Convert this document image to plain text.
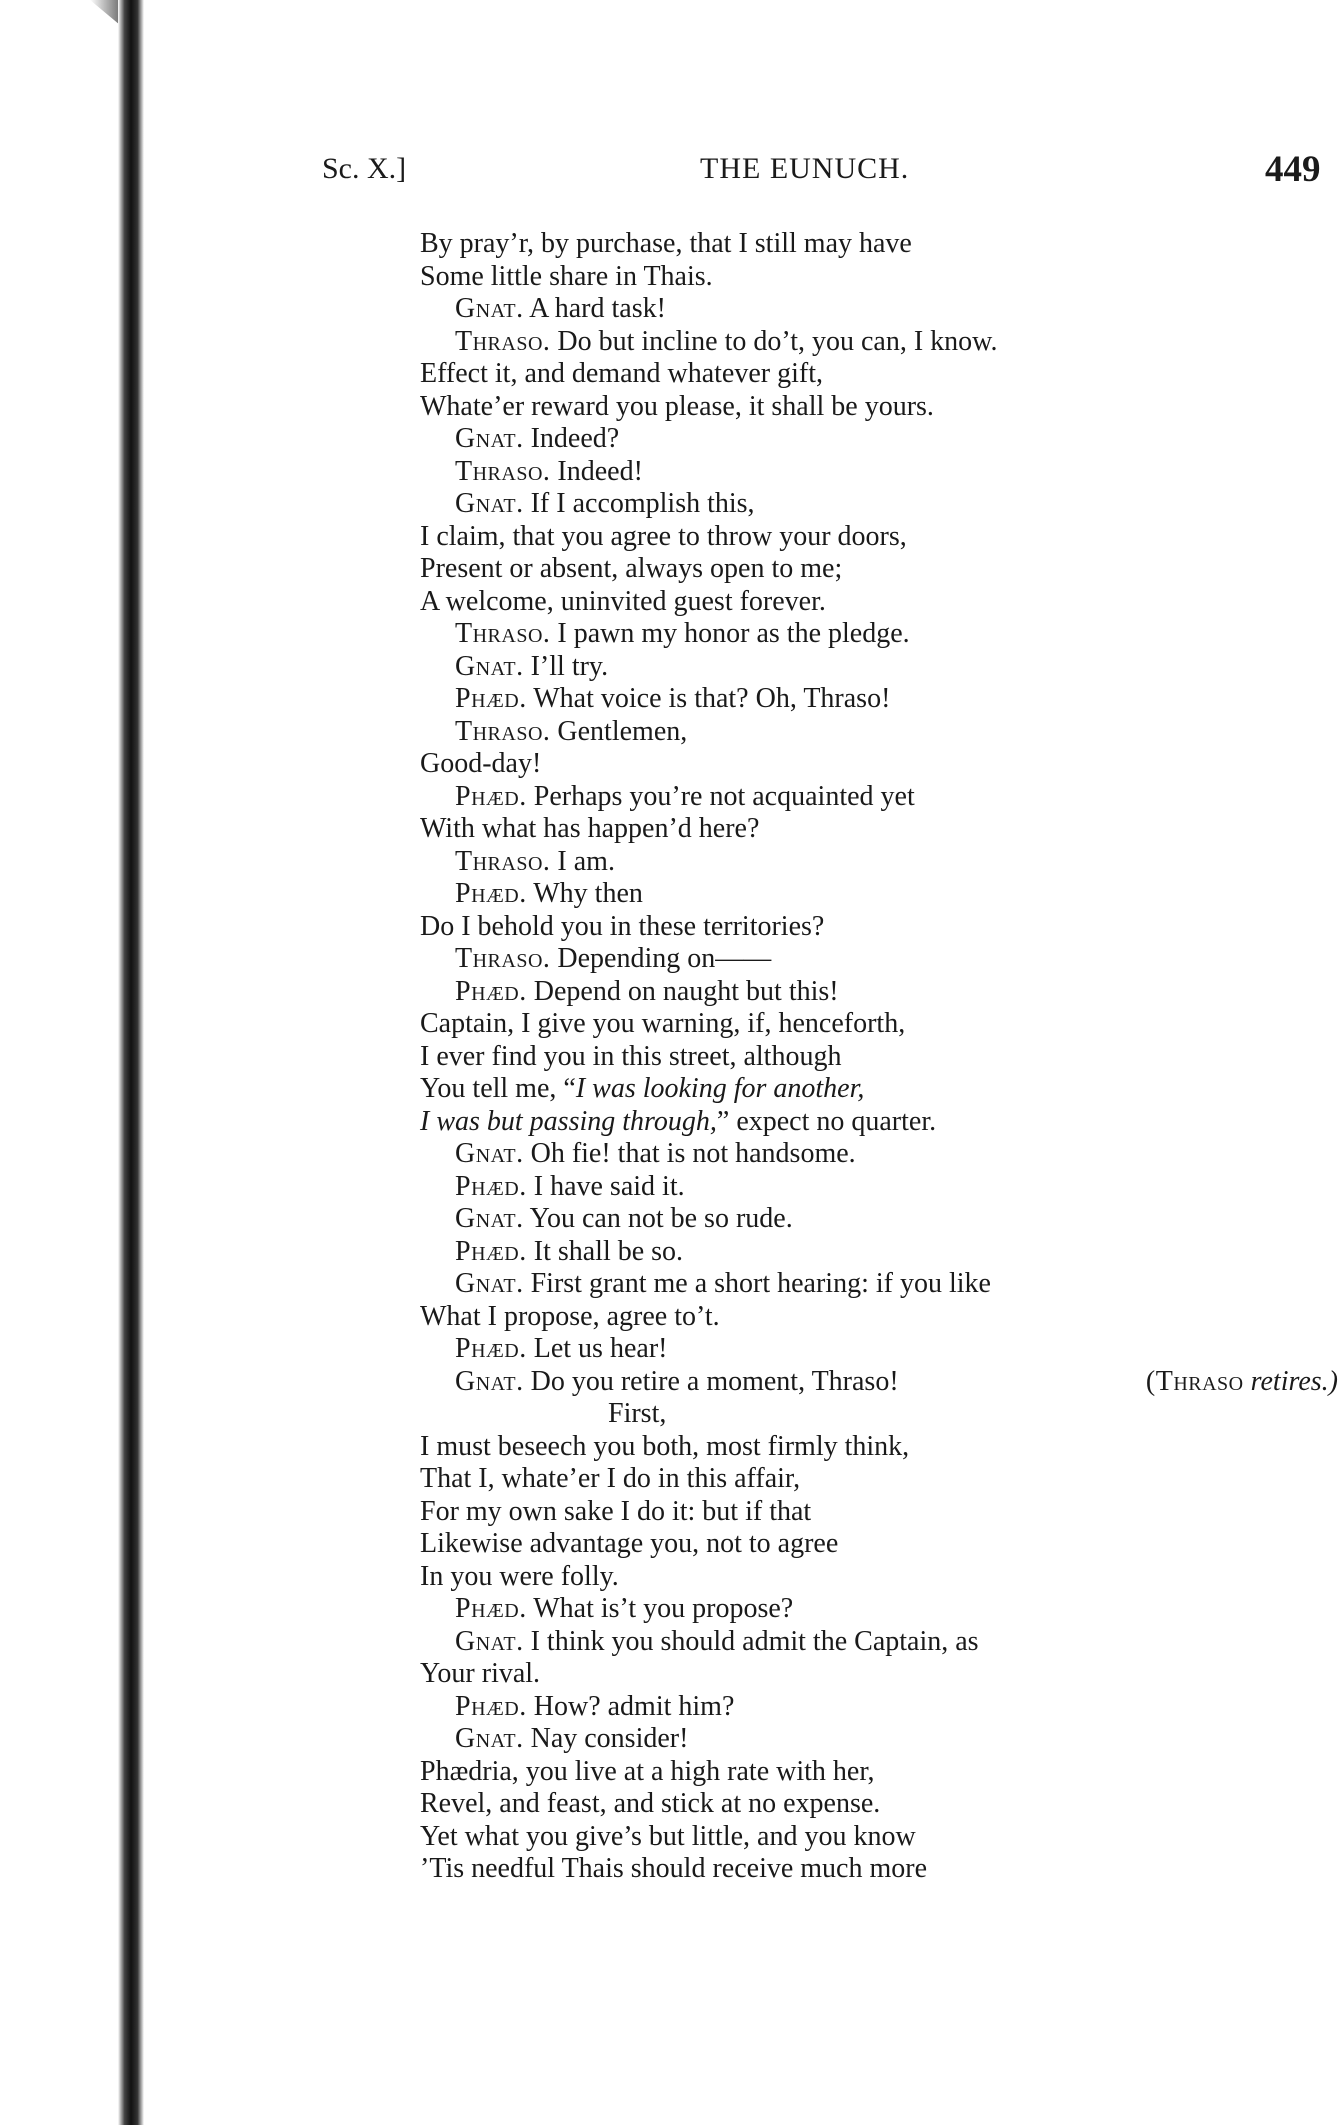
Sc. X.]	THE EUNUCH.	449
By pray’r, by purchase, that I still may have
Some little share in Thais.
Gnat. A hard task!
Thraso. Do but incline to do’t, you can, I know.
Effect it, and demand whatever gift,
Whate’er reward you please, it shall be yours.
Gnat. Indeed?
Thraso. Indeed!
Gnat. If I accomplish this,
I claim, that you agree to throw your doors,
Present or absent, always open to me;
A welcome, uninvited guest forever.
Thraso. I pawn my honor as the pledge.
Gnat. I’ll try.
Phæd. What voice is that? Oh, Thraso!
Thraso. Gentlemen,
Good-day!
Phæd. Perhaps you’re not acquainted yet
With what has happen’d here?
Thraso. I am.
Phæd. Why then
Do I behold you in these territories?
Thraso. Depending on——
Phæd. Depend on naught but this!
Captain, I give you warning, if, henceforth,
I ever find you in this street, although
You tell me, “I was looking for another,
I was but passing through,” expect no quarter.
Gnat. Oh fie! that is not handsome.
Phæd. I have said it.
Gnat. You can not be so rude.
Phæd. It shall be so.
Gnat. First grant me a short hearing: if you like
What I propose, agree to’t.
Phæd. Let us hear!
Gnat. Do you retire a moment, Thraso!	(Thraso retires.)
First,
I must beseech you both, most firmly think,
That I, whate’er I do in this affair,
For my own sake I do it: but if that
Likewise advantage you, not to agree
In you were folly.
Phæd. What is’t you propose?
Gnat. I think you should admit the Captain, as
Your rival.
Phæd. How? admit him?
Gnat. Nay consider!
Phædria, you live at a high rate with her,
Revel, and feast, and stick at no expense.
Yet what you give’s but little, and you know
’Tis needful Thais should receive much more
